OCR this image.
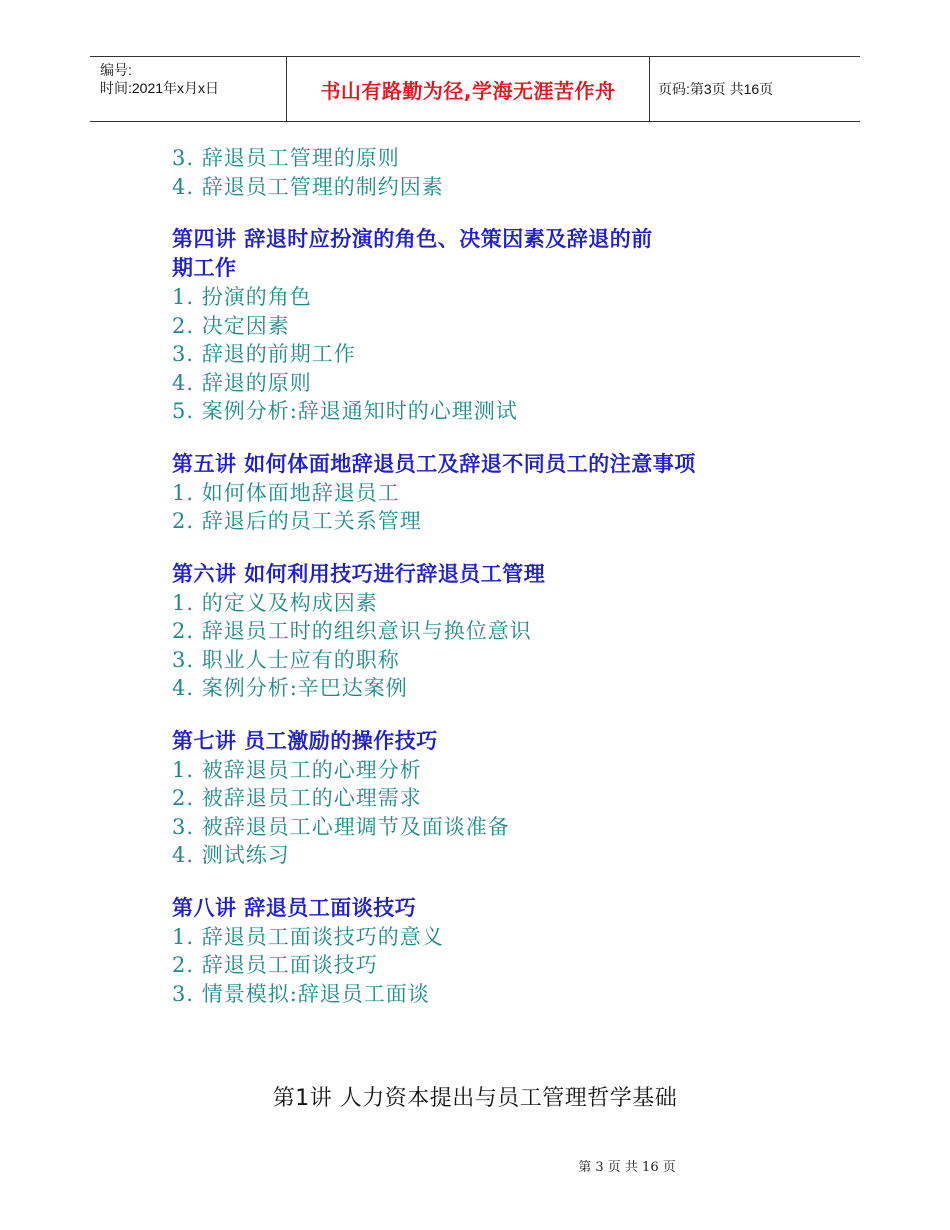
编号:
时间:2021年x月x日	书山有路勤为径,学海无涯苦作舟	页码:第3页 共16页
3. 辞退员工管理的原则
4. 辞退员工管理的制约因素
第四讲 辞退时应扮演的角色、决策因素及辞退的前
期工作
1. 扮演的角色
2. 决定因素
3. 辞退的前期工作
4. 辞退的原则
5. 案例分析:辞退通知时的心理测试
第五讲 如何体面地辞退员工及辞退不同员工的注意事项
1. 如何体面地辞退员工
2. 辞退后的员工关系管理
第六讲 如何利用技巧进行辞退员工管理
1. 的定义及构成因素
2. 辞退员工时的组织意识与换位意识
3. 职业人士应有的职称
4. 案例分析:辛巴达案例
第七讲 员工激励的操作技巧
1. 被辞退员工的心理分析
2. 被辞退员工的心理需求
3. 被辞退员工心理调节及面谈准备
4. 测试练习
第八讲 辞退员工面谈技巧
1. 辞退员工面谈技巧的意义
2. 辞退员工面谈技巧
3. 情景模拟:辞退员工面谈
第1讲 人力资本提出与员工管理哲学基础
第 3 页 共 16 页
